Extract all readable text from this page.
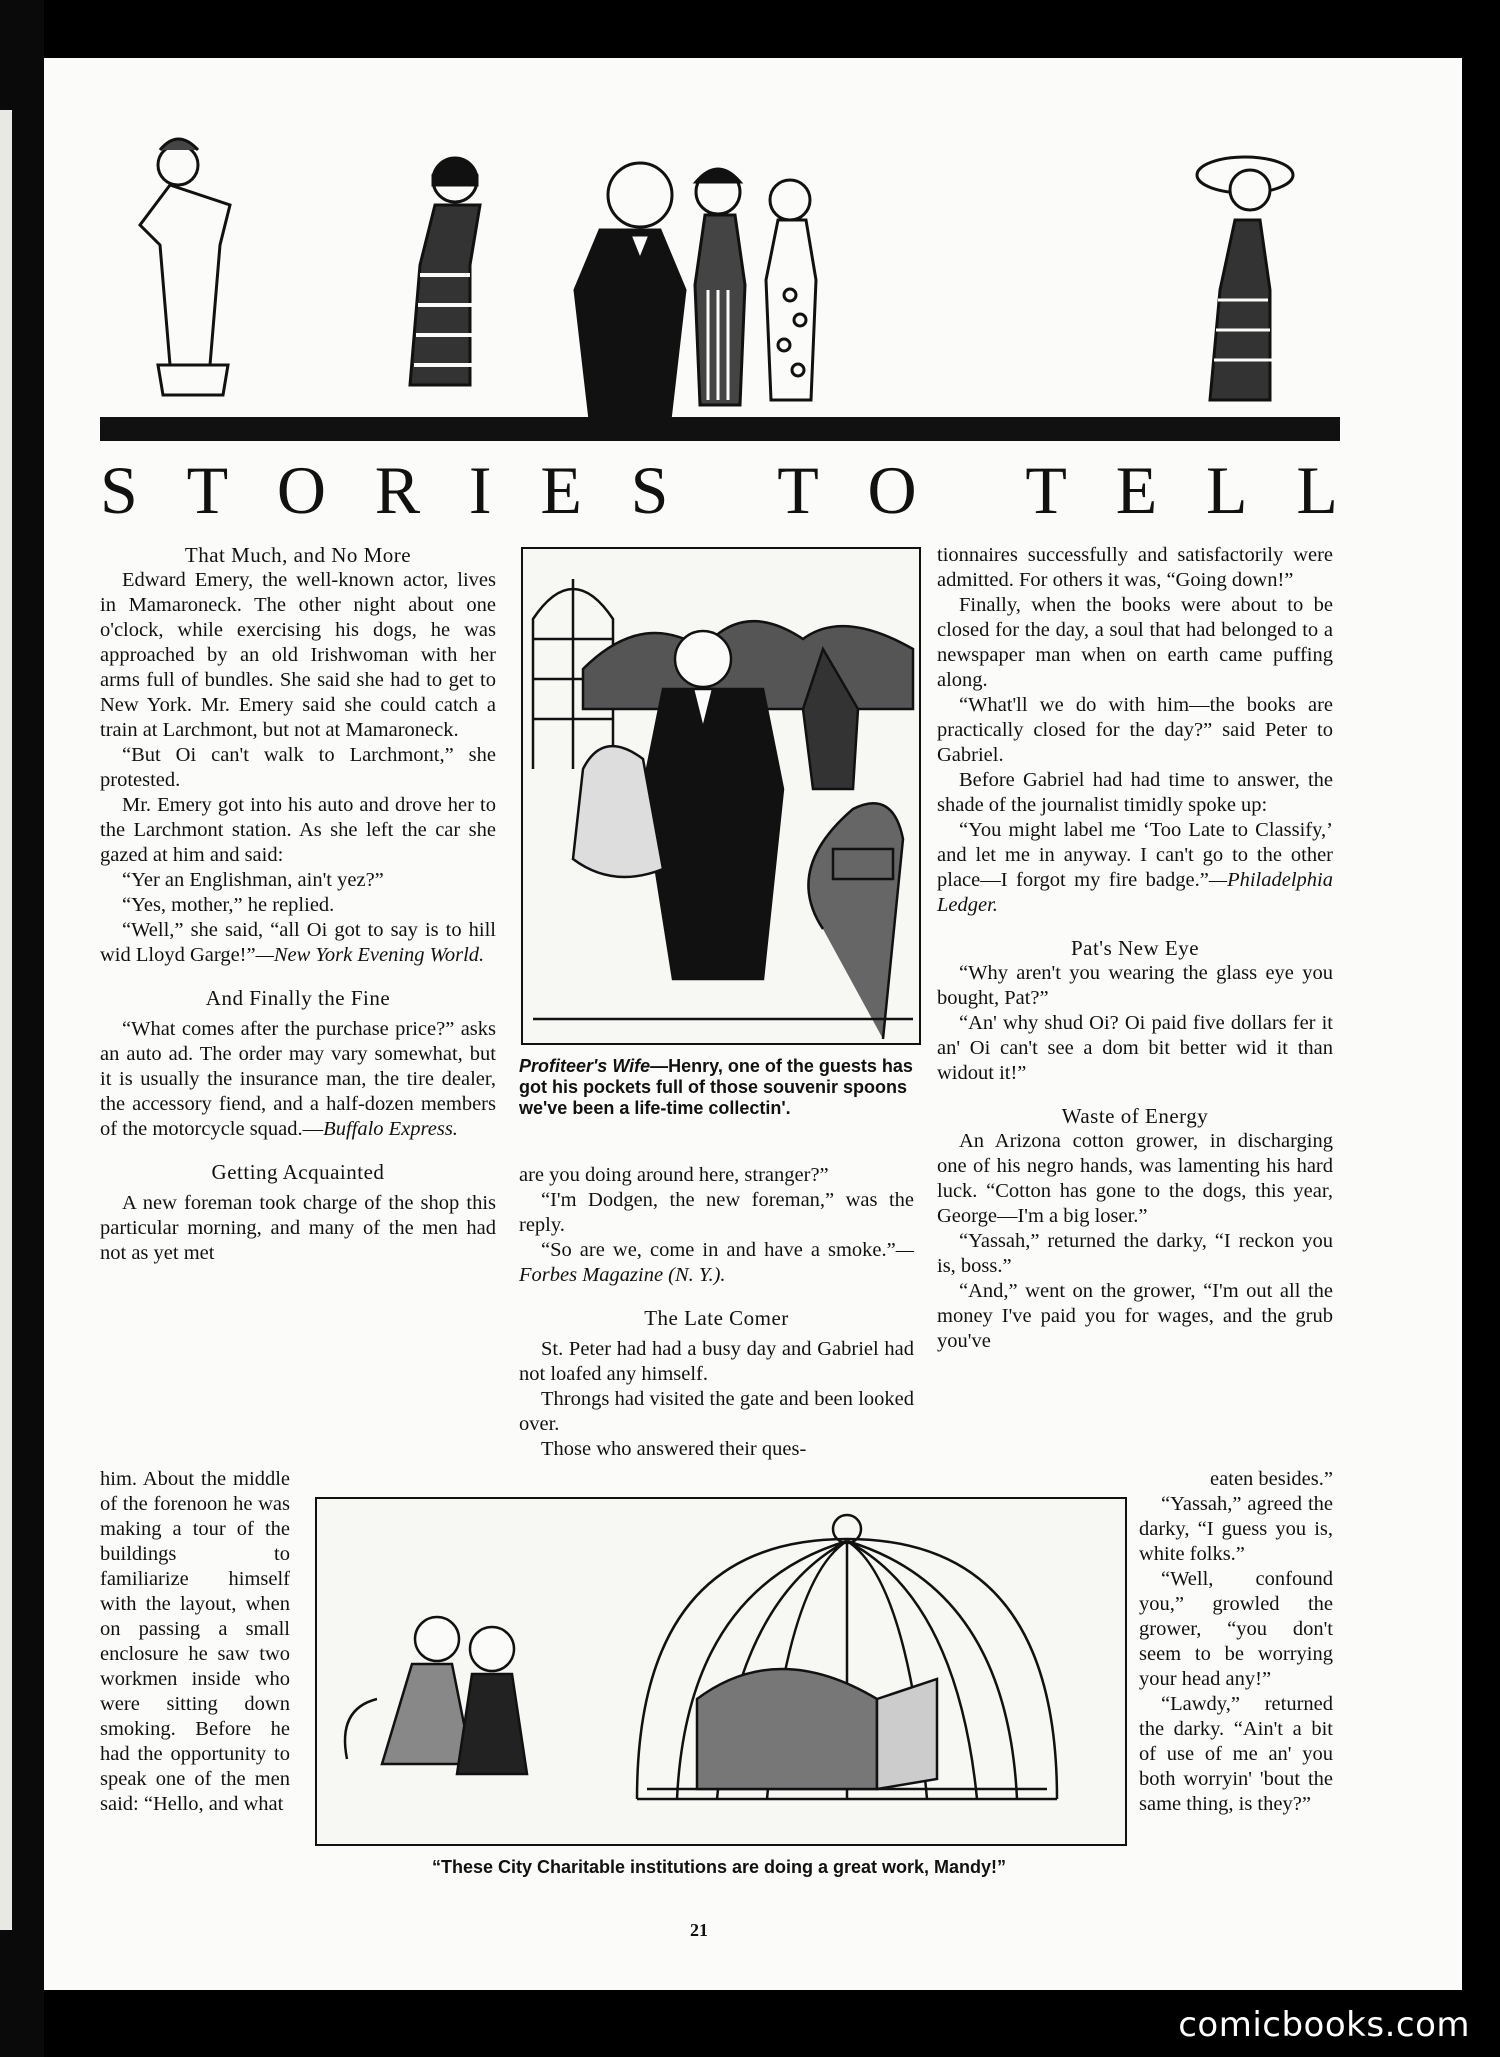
S T O R I E S T O T E L L
That Much, and No More

Edward Emery, the well-known actor, lives in Mamaroneck. The other night about one o'clock, while exercising his dogs, he was approached by an old Irishwoman with her arms full of bundles. She said she had to get to New York. Mr. Emery said she could catch a train at Larchmont, but not at Mamaroneck.

“But Oi can't walk to Larchmont,” she protested.

Mr. Emery got into his auto and drove her to the Larchmont station. As she left the car she gazed at him and said:

“Yer an Englishman, ain't yez?”

“Yes, mother,” he replied.

“Well,” she said, “all Oi got to say is to hill wid Lloyd Garge!”—New York Evening World.

And Finally the Fine

“What comes after the purchase price?” asks an auto ad. The order may vary somewhat, but it is usually the insurance man, the tire dealer, the accessory fiend, and a half-dozen members of the motorcycle squad.—Buffalo Express.

Getting Acquainted

A new foreman took charge of the shop this particular morning, and many of the men had not as yet met

him. About the middle of the forenoon he was making a tour of the buildings to familiarize himself with the layout, when on passing a small enclosure he saw two workmen inside who were sitting down smoking. Before he had the opportunity to speak one of the men said: “Hello, and what

Profiteer's Wife—Henry, one of the guests has got his pockets full of those souvenir spoons we've been a life-time collectin'.

are you doing around here, stranger?”

“I'm Dodgen, the new foreman,” was the reply.

“So are we, come in and have a smoke.”—Forbes Magazine (N. Y.).

The Late Comer

St. Peter had had a busy day and Gabriel had not loafed any himself.

Throngs had visited the gate and been looked over.

Those who answered their ques-

tionnaires successfully and satisfactorily were admitted. For others it was, “Going down!”

Finally, when the books were about to be closed for the day, a soul that had belonged to a newspaper man when on earth came puffing along.

“What'll we do with him—the books are practically closed for the day?” said Peter to Gabriel.

Before Gabriel had had time to answer, the shade of the journalist timidly spoke up:

“You might label me ‘Too Late to Classify,’ and let me in anyway. I can't go to the other place—I forgot my fire badge.”—Philadelphia Ledger.

Pat's New Eye

“Why aren't you wearing the glass eye you bought, Pat?”

“An' why shud Oi? Oi paid five dollars fer it an' Oi can't see a dom bit better wid it than widout it!”

Waste of Energy

An Arizona cotton grower, in discharging one of his negro hands, was lamenting his hard luck. “Cotton has gone to the dogs, this year, George—I'm a big loser.”

“Yassah,” returned the darky, “I reckon you is, boss.”

“And,” went on the grower, “I'm out all the money I've paid you for wages, and the grub you've

eaten besides.”

“Yassah,” agreed the darky, “I guess you is, white folks.”

“Well, confound you,” growled the grower, “you don't seem to be worrying your head any!”

“Lawdy,” returned the darky. “Ain't a bit of use of me an' you both worryin' 'bout the same thing, is they?”

“These City Charitable institutions are doing a great work, Mandy!”
21
comicbooks.com
